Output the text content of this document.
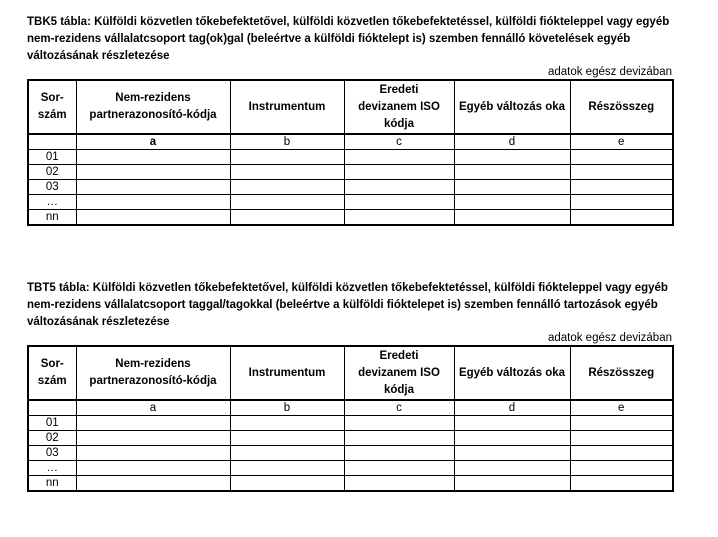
TBK5 tábla: Külföldi közvetlen tőkebefektetővel, külföldi közvetlen tőkebefektetéssel, külföldi fiókteleppel vagy egyéb nem-rezidens vállalatcsoport tag(ok)gal (beleértve a külföldi fióktelept is) szemben fennálló követelések egyéb változásának részletezése

adatok egész devizában

Sor-
szám	Nem-rezidens
partnerazonosító-kódja	Instrumentum	Eredeti
devizanem ISO
kódja	Egyéb változás oka	Részösszeg
	a	b	c	d	e
01					
02					
03					
…					
nn					

TBT5 tábla: Külföldi közvetlen tőkebefektetővel, külföldi közvetlen tőkebefektetéssel, külföldi fiókteleppel vagy egyéb nem-rezidens vállalatcsoport taggal/tagokkal (beleértve a külföldi fióktelepet is) szemben fennálló tartozások egyéb változásának részletezése

adatok egész devizában

Sor-
szám	Nem-rezidens
partnerazonosító-kódja	Instrumentum	Eredeti
devizanem ISO
kódja	Egyéb változás oka	Részösszeg
	a	b	c	d	e
01					
02					
03					
…					
nn					
